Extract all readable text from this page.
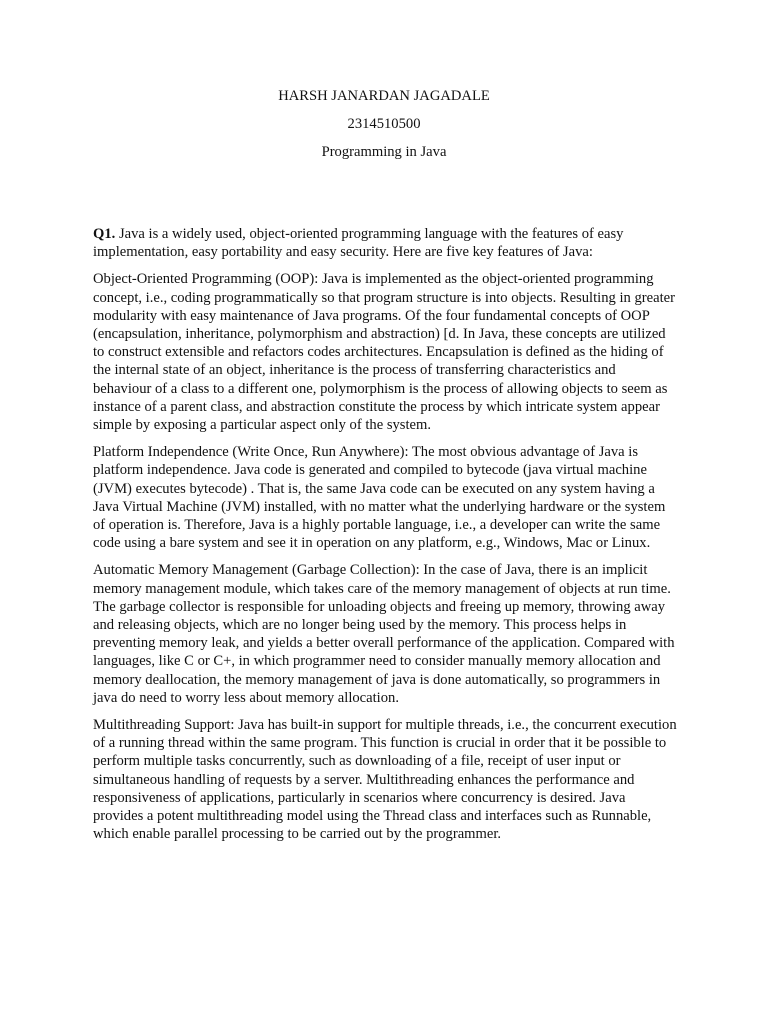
HARSH JANARDAN JAGADALE
2314510500
Programming in Java

Q1. Java is a widely used, object-oriented programming language with the features of easy implementation, easy portability and easy security. Here are five key features of Java:

Object-Oriented Programming (OOP): Java is implemented as the object-oriented programming concept, i.e., coding programmatically so that program structure is into objects. Resulting in greater modularity with easy maintenance of Java programs. Of the four fundamental concepts of OOP (encapsulation, inheritance, polymorphism and abstraction) [d. In Java, these concepts are utilized to construct extensible and refactors codes architectures. Encapsulation is defined as the hiding of the internal state of an object, inheritance is the process of transferring characteristics and behaviour of a class to a different one, polymorphism is the process of allowing objects to seem as instance of a parent class, and abstraction constitute the process by which intricate system appear simple by exposing a particular aspect only of the system.

Platform Independence (Write Once, Run Anywhere): The most obvious advantage of Java is platform independence. Java code is generated and compiled to bytecode (java virtual machine (JVM) executes bytecode) . That is, the same Java code can be executed on any system having a Java Virtual Machine (JVM) installed, with no matter what the underlying hardware or the system of operation is. Therefore, Java is a highly portable language, i.e., a developer can write the same code using a bare system and see it in operation on any platform, e.g., Windows, Mac or Linux.

Automatic Memory Management (Garbage Collection): In the case of Java, there is an implicit memory management module, which takes care of the memory management of objects at run time. The garbage collector is responsible for unloading objects and freeing up memory, throwing away and releasing objects, which are no longer being used by the memory. This process helps in preventing memory leak, and yields a better overall performance of the application. Compared with languages, like C or C+, in which programmer need to consider manually memory allocation and memory deallocation, the memory management of java is done automatically, so programmers in java do need to worry less about memory allocation.

Multithreading Support: Java has built-in support for multiple threads, i.e., the concurrent execution of a running thread within the same program. This function is crucial in order that it be possible to perform multiple tasks concurrently, such as downloading of a file, receipt of user input or simultaneous handling of requests by a server. Multithreading enhances the performance and responsiveness of applications, particularly in scenarios where concurrency is desired. Java provides a potent multithreading model using the Thread class and interfaces such as Runnable, which enable parallel processing to be carried out by the programmer.
